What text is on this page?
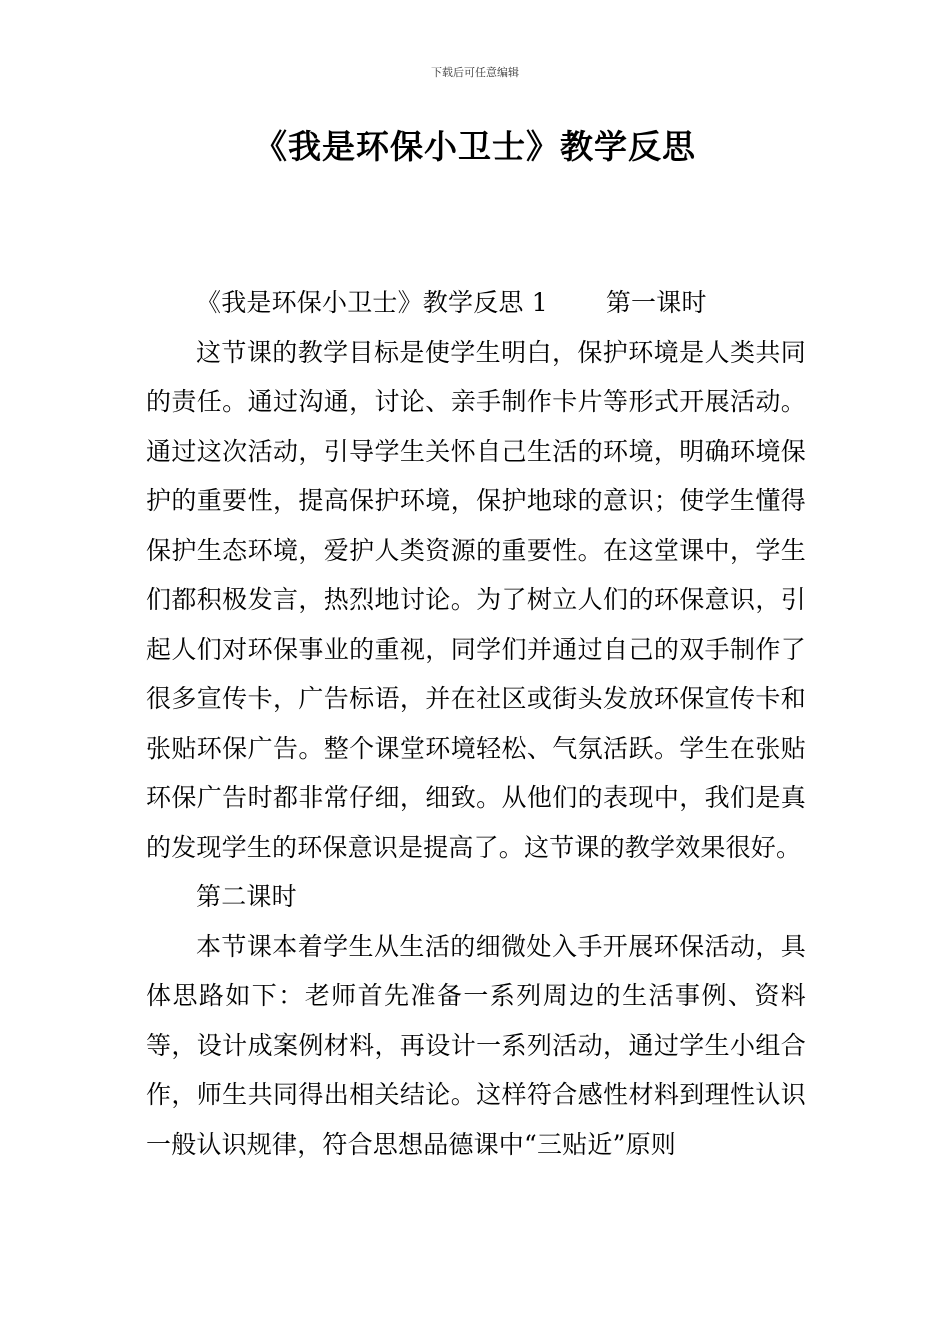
下载后可任意编辑
《我是环保小卫士》教学反思

《我是环保小卫士》教学反思 1 第一课时

这节课的教学目标是使学生明白，保护环境是人类共同的责任。通过沟通，讨论、亲手制作卡片等形式开展活动。通过这次活动，引导学生关怀自己生活的环境，明确环境保护的重要性，提高保护环境，保护地球的意识；使学生懂得保护生态环境，爱护人类资源的重要性。在这堂课中，学生们都积极发言，热烈地讨论。为了树立人们的环保意识，引起人们对环保事业的重视，同学们并通过自己的双手制作了很多宣传卡，广告标语，并在社区或街头发放环保宣传卡和张贴环保广告。整个课堂环境轻松、气氛活跃。学生在张贴环保广告时都非常仔细，细致。从他们的表现中，我们是真的发现学生的环保意识是提高了。这节课的教学效果很好。

第二课时

本节课本着学生从生活的细微处入手开展环保活动，具体思路如下：老师首先准备一系列周边的生活事例、资料等，设计成案例材料，再设计一系列活动，通过学生小组合作，师生共同得出相关结论。这样符合感性材料到理性认识一般认识规律，符合思想品德课中“三贴近”原则
